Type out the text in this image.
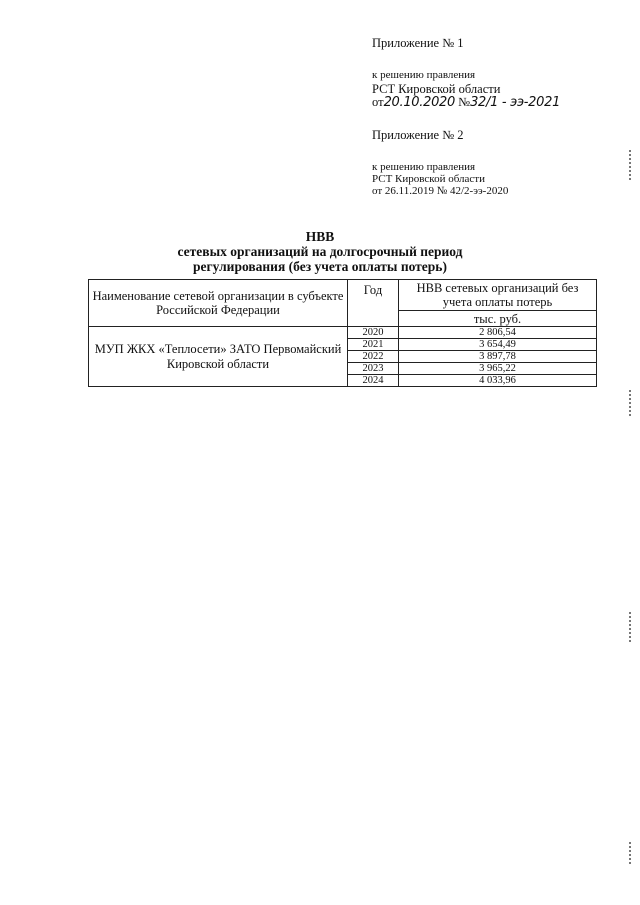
Приложение № 1
к решению правления
РСТ Кировской области
от20.10.2020 №32/1 - ээ-2021
Приложение № 2
к решению правления
РСТ Кировской области
от 26.11.2019 № 42/2-ээ-2020
НВВ
сетевых организаций на долгосрочный период
регулирования (без учета оплаты потерь)
Наименование сетевой организации в субъекте Российской Федерации	Год	НВВ сетевых организаций без учета оплаты потерь
		тыс. руб.
МУП ЖКХ «Теплосети» ЗАТО Первомайский Кировской области	2020	2 806,54
	2021	3 654,49
	2022	3 897,78
	2023	3 965,22
	2024	4 033,96
